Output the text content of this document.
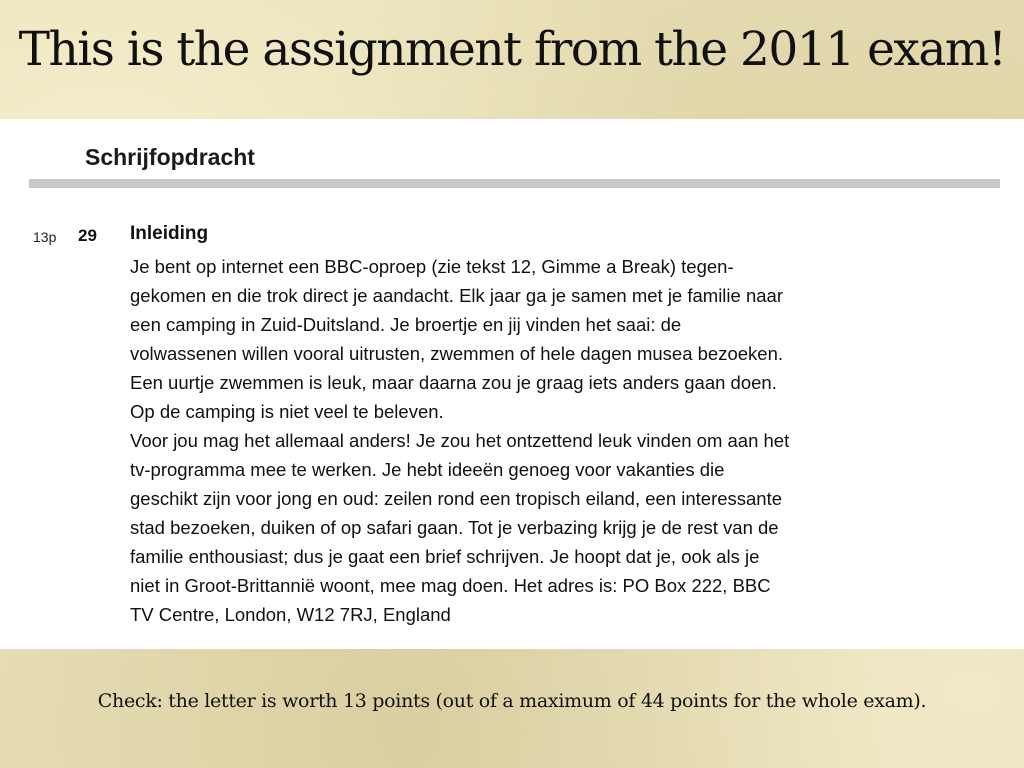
This is the assignment from the 2011 exam!
Schrijfopdracht
13p 29 Inleiding
Je bent op internet een BBC-oproep (zie tekst 12, Gimme a Break) tegen-
gekomen en die trok direct je aandacht. Elk jaar ga je samen met je familie naar
een camping in Zuid-Duitsland. Je broertje en jij vinden het saai: de
volwassenen willen vooral uitrusten, zwemmen of hele dagen musea bezoeken.
Een uurtje zwemmen is leuk, maar daarna zou je graag iets anders gaan doen.
Op de camping is niet veel te beleven.
Voor jou mag het allemaal anders! Je zou het ontzettend leuk vinden om aan het
tv-programma mee te werken. Je hebt ideeën genoeg voor vakanties die
geschikt zijn voor jong en oud: zeilen rond een tropisch eiland, een interessante
stad bezoeken, duiken of op safari gaan. Tot je verbazing krijg je de rest van de
familie enthousiast; dus je gaat een brief schrijven. Je hoopt dat je, ook als je
niet in Groot-Brittannië woont, mee mag doen. Het adres is: PO Box 222, BBC
TV Centre, London, W12 7RJ, England
Check: the letter is worth 13 points (out of a maximum of 44 points for the whole exam).
